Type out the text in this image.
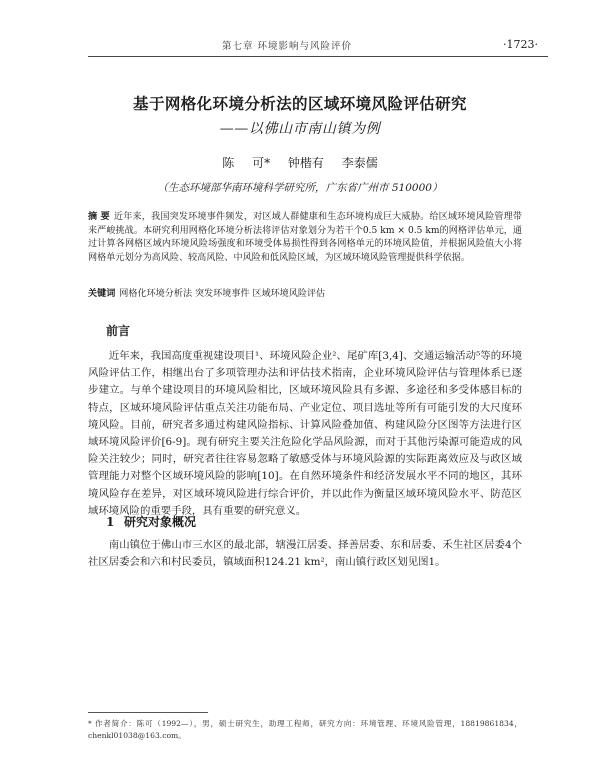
第七章 环境影响与风险评价	·1723·
基于网格化环境分析法的区域环境风险评估研究
——以佛山市南山镇为例
陈 可* 钟楷有 李泰儒
（生态环境部华南环境科学研究所，广东省广州市 510000）

摘 要 近年来，我国突发环境事件频发，对区域人群健康和生态环境构成巨大威胁。给区域环境风险管理带来严峻挑战。本研究利用网格化环境分析法将评估对象划分为若干个0.5 km × 0.5 km的网格评估单元，通过计算各网格区域内环境风险场强度和环境受体易损性得到各网格单元的环境风险值，并根据风险值大小将网格单元划分为高风险、较高风险、中风险和低风险区域，为区域环境风险管理提供科学依据。

关键词 网格化环境分析法 突发环境事件 区域环境风险评估

前言

近年来，我国高度重视建设项目¹、环境风险企业²、尾矿库[3,4]、交通运输活动⁵等的环境风险评估工作，相继出台了多项管理办法和评估技术指南，企业环境风险评估与管理体系已逐步建立。与单个建设项目的环境风险相比，区域环境风险具有多源、多途径和多受体感目标的特点，区域环境风险评估重点关注功能布局、产业定位、项目选址等所有可能引发的大尺度环境风险。目前，研究者多通过构建风险指标、计算风险叠加值、构建风险分区图等方法进行区域环境风险评价[6-9]。现有研究主要关注危险化学品风险源，而对于其他污染源可能造成的风险关注较少；同时，研究者往往容易忽略了敏感受体与环境风险源的实际距离效应及与政区域管理能力对整个区域环境风险的影响[10]。在自然环境条件和经济发展水平不同的地区，其环境风险存在差异，对区域环境风险进行综合评价，并以此作为衡量区域环境风险水平、防范区域环境风险的重要手段，具有重要的研究意义。

1 研究对象概况

南山镇位于佛山市三水区的最北部，辖漫江居委、择善居委、东和居委、禾生社区居委4个社区居委会和六和村民委员，镇域面积124.21 km²，南山镇行政区划见图1。

* 作者简介：陈可（1992—），男，硕士研究生，助理工程师，研究方向：环境管理、环境风险管理，18819861834，chenkl01038@163.com。
